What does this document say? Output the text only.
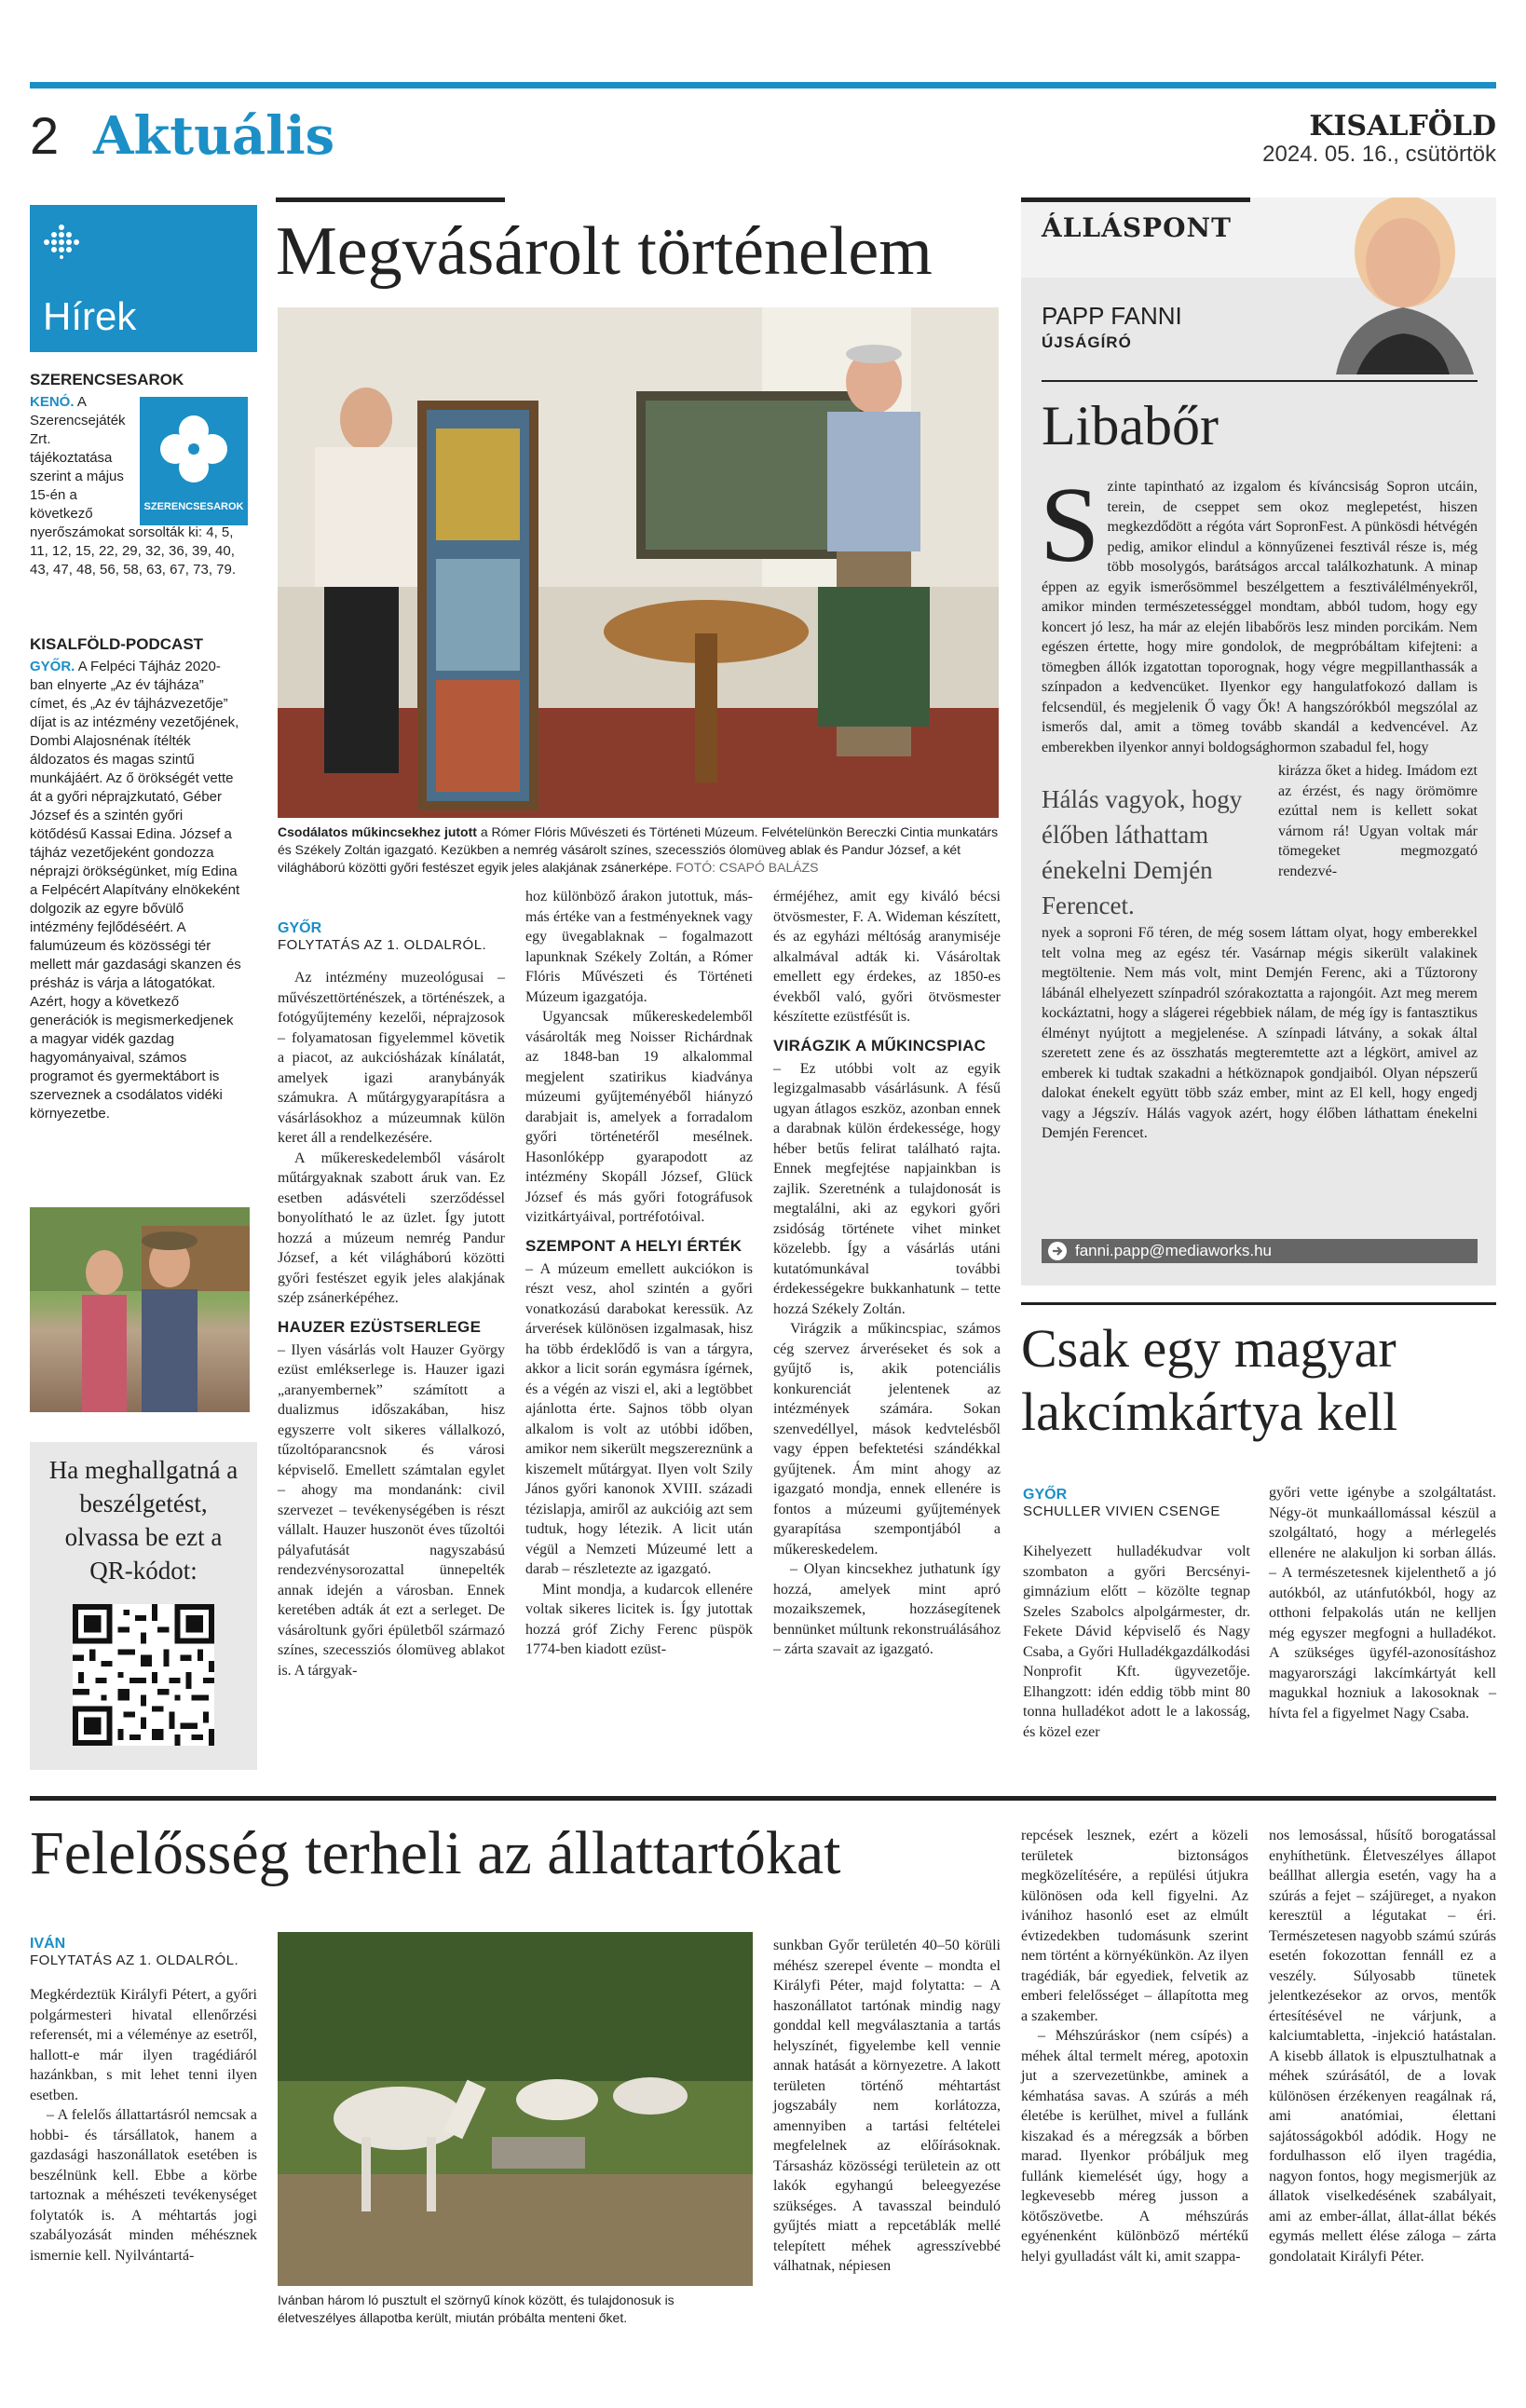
2 Aktuális	KISALFÖLD
2024. 05. 16., csütörtök
Hírek
SZERENCSESAROK
SZERENCSESAROK
KENÓ. A Szerencsejáték Zrt. tájékoztatása szerint a május 15-én a következő nyerőszámokat sorsolták ki: 4, 5, 11, 12, 15, 22, 29, 32, 36, 39, 40, 43, 47, 48, 56, 58, 63, 67, 73, 79.
KISALFÖLD-PODCAST
GYŐR. A Felpéci Tájház 2020-ban elnyerte „Az év tájháza” címet, és „Az év tájházvezetője” díjat is az intézmény vezetőjének, Dombi Alajosnénak ítélték áldozatos és magas szintű munkájáért. Az ő örökségét vette át a győri néprajzkutató, Géber József és a szintén győri kötődésű Kassai Edina. József a tájház vezetőjeként gondozza néprajzi örökségünket, míg Edina a Felpécért Alapítvány elnökeként dolgozik az egyre bővülő intézmény fejlődéséért. A falumúzeum és közösségi tér mellett már gazdasági skanzen és présház is várja a látogatókat. Azért, hogy a következő generációk is megismerkedjenek a magyar vidék gazdag hagyományaival, számos programot és gyermektábort is szerveznek a csodálatos vidéki környezetbe.
Ha meghallgatná a beszélgetést, olvassa be ezt a QR-kódot:
Megvásárolt történelem
Csodálatos műkincsekhez jutott a Rómer Flóris Művészeti és Történeti Múzeum. Felvételünkön Bereczki Cintia munkatárs és Székely Zoltán igazgató. Kezükben a nemrég vásárolt színes, szecessziós ólomüveg ablak és Pandur József, a két világháború közötti győri festészet egyik jeles alakjának zsánerképe. FOTÓ: CSAPÓ BALÁZS
GYŐR
FOLYTATÁS AZ 1. OLDALRÓL.

Az intézmény muzeológusai – művészettörténészek, a történészek, a fotógyűjtemény kezelői, néprajzosok – folyamatosan figyelemmel követik a piacot, az aukciósházak kínálatát, amelyek igazi aranybányák számukra. A műtárgygyarapításra a vásárlásokhoz a múzeumnak külön keret áll a rendelkezésére.

A műkereskedelemből vásárolt műtárgyaknak szabott áruk van. Ez esetben adásvételi szerződéssel bonyolítható le az üzlet. Így jutott hozzá a múzeum nemrég Pandur József, a két világháború közötti győri festészet egyik jeles alakjának szép zsánerképéhez.

HAUZER EZÜSTSERLEGE

– Ilyen vásárlás volt Hauzer György ezüst emlékserlege is. Hauzer igazi „aranyembernek” számított a dualizmus időszakában, hisz egyszerre volt sikeres vállalkozó, tűzoltóparancsnok és városi képviselő. Emellett számtalan egylet – ahogy ma mondanánk: civil szervezet – tevékenységében is részt vállalt. Hauzer huszonöt éves tűzoltói pályafutását nagyszabású rendezvénysorozattal ünnepelték annak idején a városban. Ennek keretében adták át ezt a serleget. De vásároltunk győri épületből származó színes, szecessziós ólomüveg ablakot is. A tárgyak-

hoz különböző árakon jutottuk, más-más értéke van a festményeknek vagy egy üvegablaknak – fogalmazott lapunknak Székely Zoltán, a Rómer Flóris Művészeti és Történeti Múzeum igazgatója.

Ugyancsak műkereskedelemből vásárolták meg Noisser Richárdnak az 1848-ban 19 alkalommal megjelent szatirikus kiadványa múzeumi gyűjteményéből hiányzó darabjait is, amelyek a forradalom győri történetéről mesélnek. Hasonlóképp gyarapodott az intézmény Skopáll József, Glück József és más győri fotográfusok vizitkártyáival, portréfotóival.

SZEMPONT A HELYI ÉRTÉK

– A múzeum emellett aukciókon is részt vesz, ahol szintén a győri vonatkozású darabokat keressük. Az árverések különösen izgalmasak, hisz ha több érdeklődő is van a tárgyra, akkor a licit során egymásra ígérnek, és a végén az viszi el, aki a legtöbbet ajánlotta érte. Sajnos több olyan alkalom is volt az utóbbi időben, amikor nem sikerült megszereznünk a kiszemelt műtárgyat. Ilyen volt Szily János győri kanonok XVIII. századi tézislapja, amiről az aukcióig azt sem tudtuk, hogy létezik. A licit után végül a Nemzeti Múzeumé lett a darab – részletezte az igazgató.

Mint mondja, a kudarcok ellenére voltak sikeres licitek is. Így jutottak hozzá gróf Zichy Ferenc püspök 1774-ben kiadott ezüst-

érméjéhez, amit egy kiváló bécsi ötvösmester, F. A. Wideman készített, és az egyházi méltóság aranymiséje alkalmával adták ki. Vásároltak emellett egy érdekes, az 1850-es évekből való, győri ötvösmester készítette ezüstfésűt is.

VIRÁGZIK A MŰKINCSPIAC

– Ez utóbbi volt az egyik legizgalmasabb vásárlásunk. A fésű ugyan átlagos eszköz, azonban ennek a darabnak külön érdekessége, hogy héber betűs felirat található rajta. Ennek megfejtése napjainkban is zajlik. Szeretnénk a tulajdonosát is megtalálni, aki az egykori győri zsidóság története vihet minket közelebb. Így a vásárlás utáni kutatómunkával további érdekességekre bukkanhatunk – tette hozzá Székely Zoltán.

Virágzik a műkincspiac, számos cég szervez árveréseket és sok a gyűjtő is, akik potenciális konkurenciát jelentenek az intézmények számára. Sokan szenvedéllyel, mások kedvtelésből vagy éppen befektetési szándékkal gyűjtenek. Ám mint ahogy az igazgató mondja, ennek ellenére is fontos a múzeumi gyűjtemények gyarapítása szempontjából a műkereskedelem.

– Olyan kincsekhez juthatunk így hozzá, amelyek mint apró mozaikszemek, hozzásegítenek bennünket múltunk rekonstruálásához – zárta szavait az igazgató.

ÁLLÁSPONT
PAPP FANNI
ÚJSÁGÍRÓ
Libabőr
S zinte tapintható az izgalom és kíváncsiság Sopron utcáin, terein, de cseppet sem okoz meglepetést, hiszen megkezdődött a régóta várt SopronFest. A pünkösdi hétvégén pedig, amikor elindul a könnyűzenei fesztivál része is, még több mosolygós, barátságos arccal találkozhatunk. A minap éppen az egyik ismerősömmel beszélgettem a fesztiválélményekről, amikor minden természetességgel mondtam, abból tudom, hogy egy koncert jó lesz, ha már az elején libabőrös lesz minden porcikám. Nem egészen értette, hogy mire gondolok, de megpróbáltam kifejteni: a tömegben állók izgatottan toporognak, hogy végre megpillanthassák a színpadon a kedvencüket. Ilyenkor egy hangulatfokozó dallam is felcsendül, és megjelenik Ő vagy Ők! A hangszórókból megszólal az ismerős dal, amit a tömeg tovább skandál a kedvencével. Az emberekben ilyenkor annyi boldogsághormon szabadul fel, hogy
Hálás vagyok, hogy élőben láthattam énekelni Demjén Ferencet.
kirázza őket a hideg. Imádom ezt az érzést, és nagy örömömre ezúttal nem is kellett sokat várnom rá! Ugyan voltak már tömegeket megmozgató rendezvé-
nyek a soproni Fő téren, de még sosem láttam olyat, hogy emberekkel telt volna meg az egész tér. Vasárnap mégis sikerült valakinek megtöltenie. Nem más volt, mint Demjén Ferenc, aki a Tűztorony lábánál elhelyezett színpadról szórakoztatta a rajongóit. Azt meg merem kockáztatni, hogy a slágerei régebbiek nálam, de még így is fantasztikus élményt nyújtott a megjelenése. A színpadi látvány, a sokak által szeretett zene és az összhatás megteremtette azt a légkört, amivel az emberek ki tudtak szakadni a hétköznapok gondjaiból. Olyan népszerű dalokat énekelt együtt több száz ember, mint az El kell, hogy engedj vagy a Jégszív. Hálás vagyok azért, hogy élőben láthattam énekelni Demjén Ferencet.
fanni.papp@mediaworks.hu
Csak egy magyar lakcímkártya kell
GYŐR
SCHULLER VIVIEN CSENGE
Kihelyezett hulladékudvar volt szombaton a győri Bercsényi-gimnázium előtt – közölte tegnap Szeles Szabolcs alpolgármester, dr. Fekete Dávid képviselő és Nagy Csaba, a Győri Hulladékgazdálkodási Nonprofit Kft. ügyvezetője. Elhangzott: idén eddig több mint 80 tonna hulladékot adott le a lakosság, és közel ezer
győri vette igénybe a szolgáltatást. Négy-öt munkaállomással készül a szolgáltató, hogy a mérlegelés ellenére ne alakuljon ki sorban állás. – A természetesnek kijelenthető a jó autókból, az utánfutókból, hogy az otthoni felpakolás után ne kelljen még egyszer megfogni a hulladékot. A szükséges ügyfél-azonosításhoz magyarországi lakcímkártyát kell magukkal hozniuk a lakosoknak – hívta fel a figyelmet Nagy Csaba.
Felelősség terheli az állattartókat
IVÁN
FOLYTATÁS AZ 1. OLDALRÓL.

Megkérdeztük Királyfi Pétert, a győri polgármesteri hivatal ellenőrzési referensét, mi a véleménye az esetről, hallott-e már ilyen tragédiáról hazánkban, s mit lehet tenni ilyen esetben.

– A felelős állattartásról nemcsak a hobbi- és társállatok, hanem a gazdasági haszonállatok esetében is beszélnünk kell. Ebbe a körbe tartoznak a méhészeti tevékenységet folytatók is. A méhtartás jogi szabályozását minden méhésznek ismernie kell. Nyilvántartá-

Ivánban három ló pusztult el szörnyű kínok között, és tulajdonosuk is életveszélyes állapotba került, miután próbálta menteni őket.

sunkban Győr területén 40–50 körüli méhész szerepel évente – mondta el Királyfi Péter, majd folytatta: – A haszonállatot tartónak mindig nagy gonddal kell megválasztania a tartás helyszínét, figyelembe kell vennie annak hatását a környezetre. A lakott területen történő méhtartást jogszabály nem korlátozza, amennyiben a tartási feltételei megfelelnek az előírásoknak. Társasház közösségi területein az ott lakók egyhangú beleegyezése szükséges. A tavasszal beinduló gyűjtés miatt a repcetáblák mellé telepített méhek agresszívebbé válhatnak, népiesen

repcések lesznek, ezért a közeli területek biztonságos megközelítésére, a repülési útjukra különösen oda kell figyelni. Az ivánihoz hasonló eset az elmúlt évtizedekben tudomásunk szerint nem történt a környékünkön. Az ilyen tragédiák, bár egyediek, felvetik az emberi felelősséget – állapította meg a szakember.

– Méhszúráskor (nem csípés) a méhek által termelt méreg, apotoxin jut a szervezetünkbe, aminek a kémhatása savas. A szúrás a méh életébe is kerülhet, mivel a fullánk kiszakad és a méregzsák a bőrben marad. Ilyenkor próbáljuk meg fullánk kiemelését úgy, hogy a legkevesebb méreg jusson a kötőszövetbe. A méhszúrás egyénenként különböző mértékű helyi gyulladást vált ki, amit szappa-

nos lemosással, hűsítő borogatással enyhíthetünk. Életveszélyes állapot beállhat allergia esetén, vagy ha a szúrás a fejet – szájüreget, a nyakon keresztül a légutakat – éri. Természetesen nagyobb számú szúrás esetén fokozottan fennáll ez a veszély. Súlyosabb tünetek jelentkezésekor az orvos, mentők értesítésével ne várjunk, a kalciumtabletta, -injekció hatástalan. A kisebb állatok is elpusztulhatnak a méhek szúrásától, de a lovak különösen érzékenyen reagálnak rá, ami anatómiai, élettani sajátosságokból adódik. Hogy ne fordulhasson elő ilyen tragédia, nagyon fontos, hogy megismerjük az állatok viselkedésének szabályait, ami az ember-állat, állat-állat békés egymás mellett élése záloga – zárta gondolatait Királyfi Péter.
